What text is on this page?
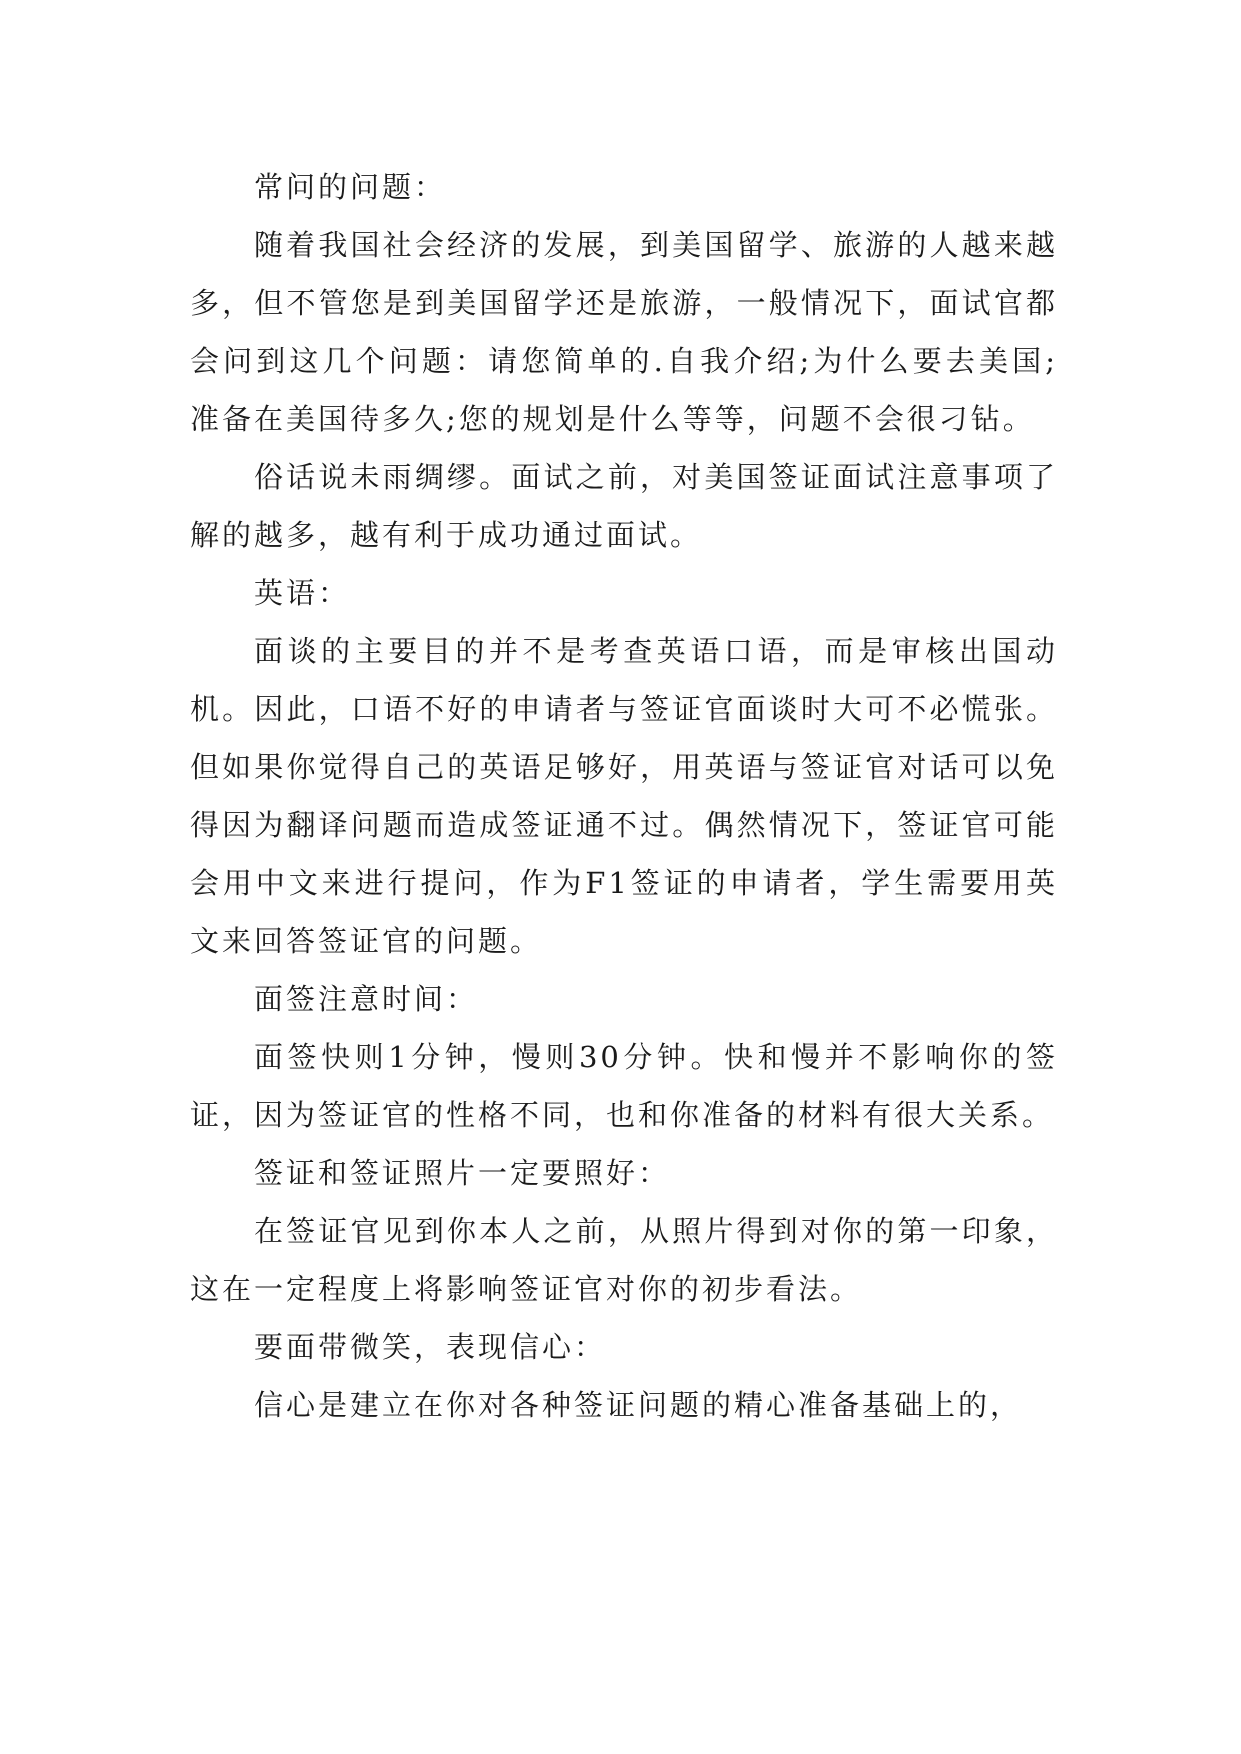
常问的问题：

随着我国社会经济的发展，到美国留学、旅游的人越来越多，但不管您是到美国留学还是旅游，一般情况下，面试官都会问到这几个问题：请您简单的.自我介绍;为什么要去美国;准备在美国待多久;您的规划是什么等等，问题不会很刁钻。

俗话说未雨绸缪。面试之前，对美国签证面试注意事项了解的越多，越有利于成功通过面试。

英语：

面谈的主要目的并不是考查英语口语，而是审核出国动机。因此，口语不好的申请者与签证官面谈时大可不必慌张。但如果你觉得自己的英语足够好，用英语与签证官对话可以免得因为翻译问题而造成签证通不过。偶然情况下，签证官可能会用中文来进行提问，作为F1签证的申请者，学生需要用英文来回答签证官的问题。

面签注意时间：

面签快则1分钟，慢则30分钟。快和慢并不影响你的签证，因为签证官的性格不同，也和你准备的材料有很大关系。

签证和签证照片一定要照好：

在签证官见到你本人之前，从照片得到对你的第一印象，这在一定程度上将影响签证官对你的初步看法。

要面带微笑，表现信心：

信心是建立在你对各种签证问题的精心准备基础上的，
